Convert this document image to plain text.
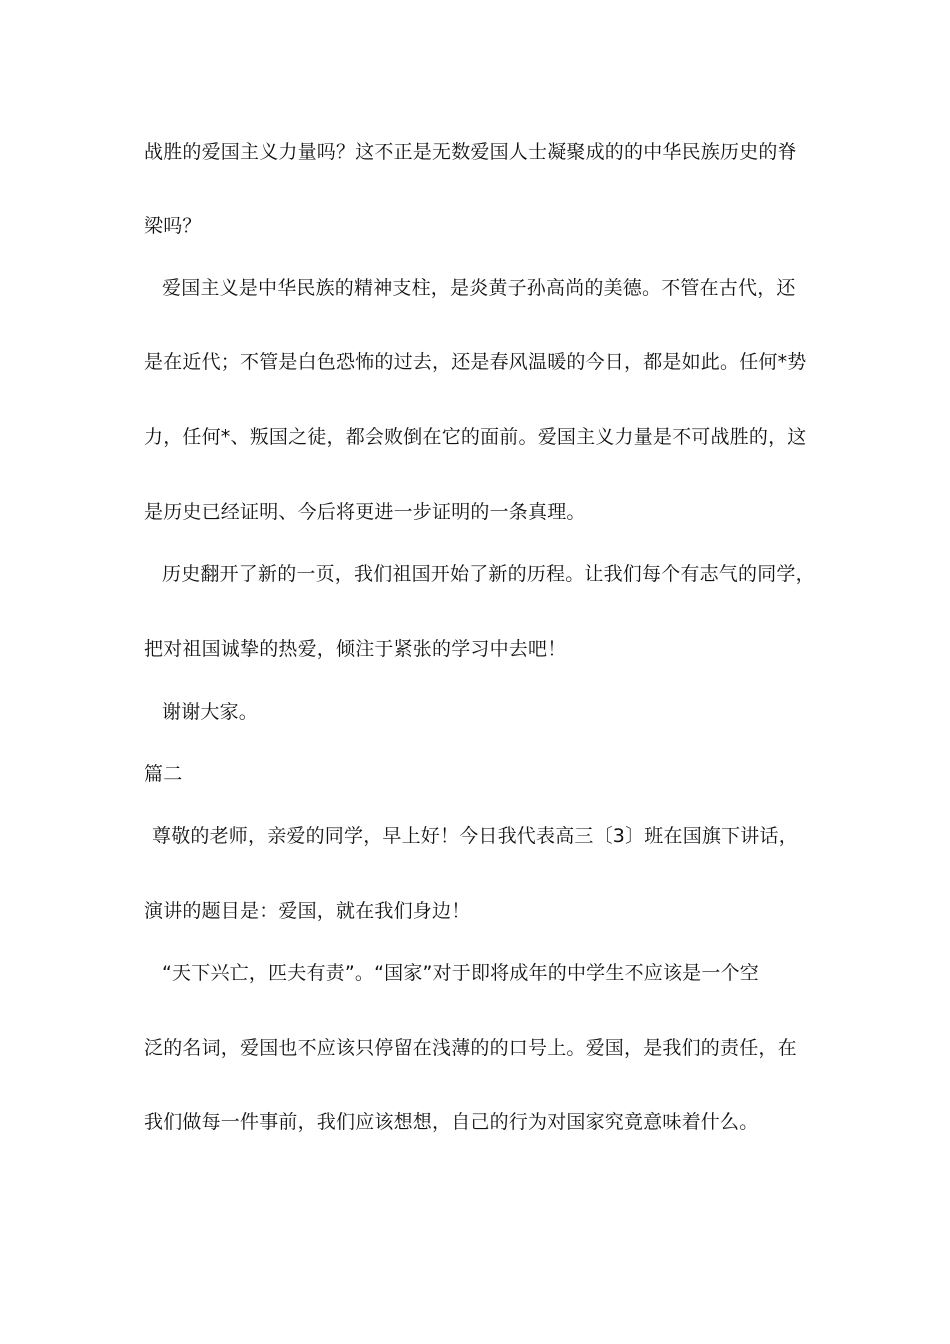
战胜的爱国主义力量吗？这不正是无数爱国人士凝聚成的的中华民族历史的脊
梁吗？
爱国主义是中华民族的精神支柱，是炎黄子孙高尚的美德。不管在古代，还
是在近代；不管是白色恐怖的过去，还是春风温暖的今日，都是如此。任何*势
力，任何*、叛国之徒，都会败倒在它的面前。爱国主义力量是不可战胜的，这
是历史已经证明、今后将更进一步证明的一条真理。
历史翻开了新的一页，我们祖国开始了新的历程。让我们每个有志气的同学，
把对祖国诚挚的热爱，倾注于紧张的学习中去吧！
谢谢大家。
篇二
尊敬的老师，亲爱的同学，早上好！今日我代表高三〔3〕班在国旗下讲话，
演讲的题目是：爱国，就在我们身边！
“天下兴亡，匹夫有责”。“国家”对于即将成年的中学生不应该是一个空
泛的名词，爱国也不应该只停留在浅薄的的口号上。爱国，是我们的责任，在
我们做每一件事前，我们应该想想，自己的行为对国家究竟意味着什么。
